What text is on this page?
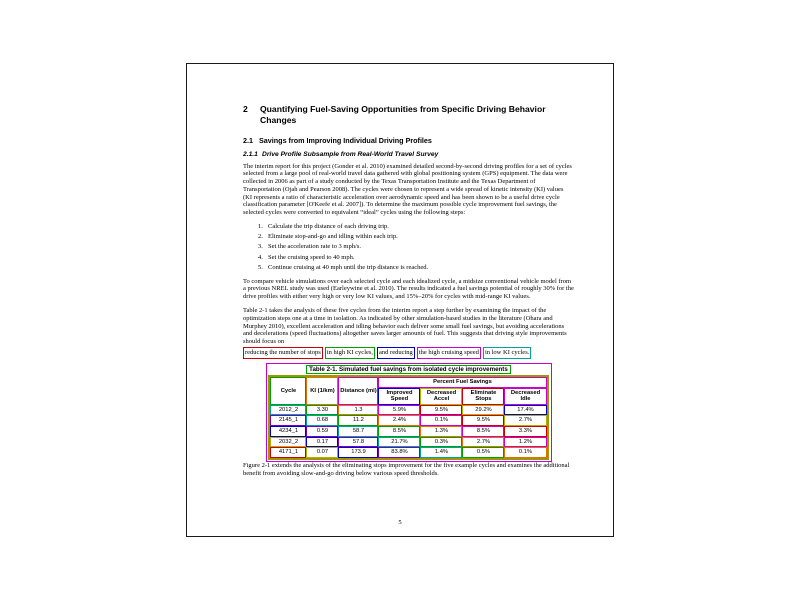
2	Quantifying Fuel-Saving Opportunities from Specific Driving Behavior Changes
2.1 Savings from Improving Individual Driving Profiles
2.1.1 Drive Profile Subsample from Real-World Travel Survey

The interim report for this project (Gonder et al. 2010) examined detailed second-by-second driving profiles for a set of cycles selected from a large pool of real-world travel data gathered with global positioning system (GPS) equipment. The data were collected in 2006 as part of a study conducted by the Texas Transportation Institute and the Texas Department of Transportation (Ojah and Pearson 2008). The cycles were chosen to represent a wide spread of kinetic intensity (KI) values (KI represents a ratio of characteristic acceleration over aerodynamic speed and has been shown to be a useful drive cycle classification parameter [O'Keefe et al. 2007]). To determine the maximum possible cycle improvement fuel savings, the selected cycles were converted to equivalent “ideal” cycles using the following steps:

1. Calculate the trip distance of each driving trip.
2. Eliminate stop-and-go and idling within each trip.
3. Set the acceleration rate to 3 mph/s.
4. Set the cruising speed to 40 mph.
5. Continue cruising at 40 mph until the trip distance is reached.

To compare vehicle simulations over each selected cycle and each idealized cycle, a midsize conventional vehicle model from a previous NREL study was used (Earleywine et al. 2010). The results indicated a fuel savings potential of roughly 30% for the drive profiles with either very high or very low KI values, and 15%–20% for cycles with mid-range KI values.

Table 2-1 takes the analysis of these five cycles from the interim report a step further by examining the impact of the optimization steps one at a time in isolation. As indicated by other simulation-based studies in the literature (Ohara and Murphey 2010), excellent acceleration and idling behavior each deliver some small fuel savings, but avoiding accelerations and decelerations (speed fluctuations) altogether saves larger amounts of fuel. This suggests that driving style improvements should focus on

reducing the number of stops in high KI cycles, and reducing the high cruising speed in low KI cycles.
Table 2-1. Simulated fuel savings from isolated cycle improvements
Cycle	KI (1/km)	Distance (mi)	Percent Fuel Savings			
			Improved Speed	Decreased Accel	Eliminate Stops	Decreased Idle
2012_2	3.30	1.3	5.9%	9.5%	29.2%	17.4%
2145_1	0.68	11.2	2.4%	0.1%	9.5%	2.7%
4234_1	0.59	58.7	8.5%	1.3%	8.5%	3.3%
2032_2	0.17	57.8	21.7%	0.3%	2.7%	1.2%
4171_1	0.07	173.9	83.8%	1.4%	0.5%	0.1%

Figure 2-1 extends the analysis of the eliminating stops improvement for the five example cycles and examines the additional benefit from avoiding slow-and-go driving below various speed thresholds.

5
